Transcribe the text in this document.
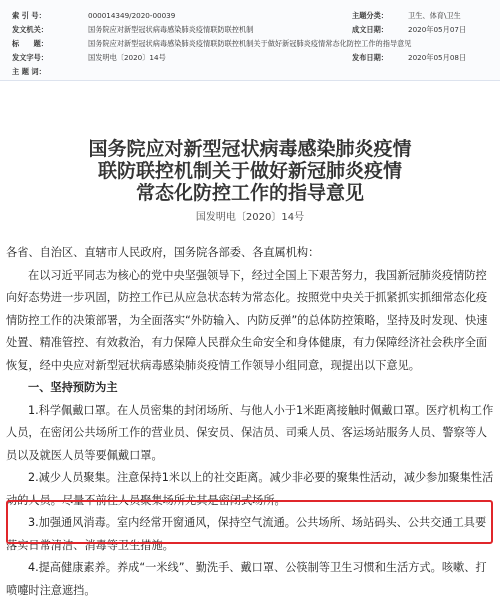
索 引 号：	000014349/2020-00039	主题分类：	卫生、体育\卫生
发文机关：	国务院应对新型冠状病毒感染肺炎疫情联防联控机制	成文日期：	2020年05月07日
标　　题：	国务院应对新型冠状病毒感染肺炎疫情联防联控机制关于做好新冠肺炎疫情常态化防控工作的指导意见
发文字号：	国发明电〔2020〕14号	发布日期：	2020年05月08日
主 题 词：
国务院应对新型冠状病毒感染肺炎疫情
联防联控机制关于做好新冠肺炎疫情
常态化防控工作的指导意见
国发明电〔2020〕14号

各省、自治区、直辖市人民政府，国务院各部委、各直属机构：

在以习近平同志为核心的党中央坚强领导下，经过全国上下艰苦努力，我国新冠肺炎疫情防控向好态势进一步巩固，防控工作已从应急状态转为常态化。按照党中央关于抓紧抓实抓细常态化疫情防控工作的决策部署，为全面落实“外防输入、内防反弹”的总体防控策略，坚持及时发现、快速处置、精准管控、有效救治，有力保障人民群众生命安全和身体健康，有力保障经济社会秩序全面恢复，经中央应对新型冠状病毒感染肺炎疫情工作领导小组同意，现提出以下意见。

一、坚持预防为主

1.科学佩戴口罩。在人员密集的封闭场所、与他人小于1米距离接触时佩戴口罩。医疗机构工作人员，在密闭公共场所工作的营业员、保安员、保洁员、司乘人员、客运场站服务人员、警察等人员以及就医人员等要佩戴口罩。

2.减少人员聚集。注意保持1米以上的社交距离。减少非必要的聚集性活动，减少参加聚集性活动的人员。尽量不前往人员聚集场所尤其是密闭式场所。

3.加强通风消毒。室内经常开窗通风，保持空气流通。公共场所、场站码头、公共交通工具要落实日常清洁、消毒等卫生措施。

4.提高健康素养。养成“一米线”、勤洗手、戴口罩、公筷制等卫生习惯和生活方式。咳嗽、打喷嚏时注意遮挡。
